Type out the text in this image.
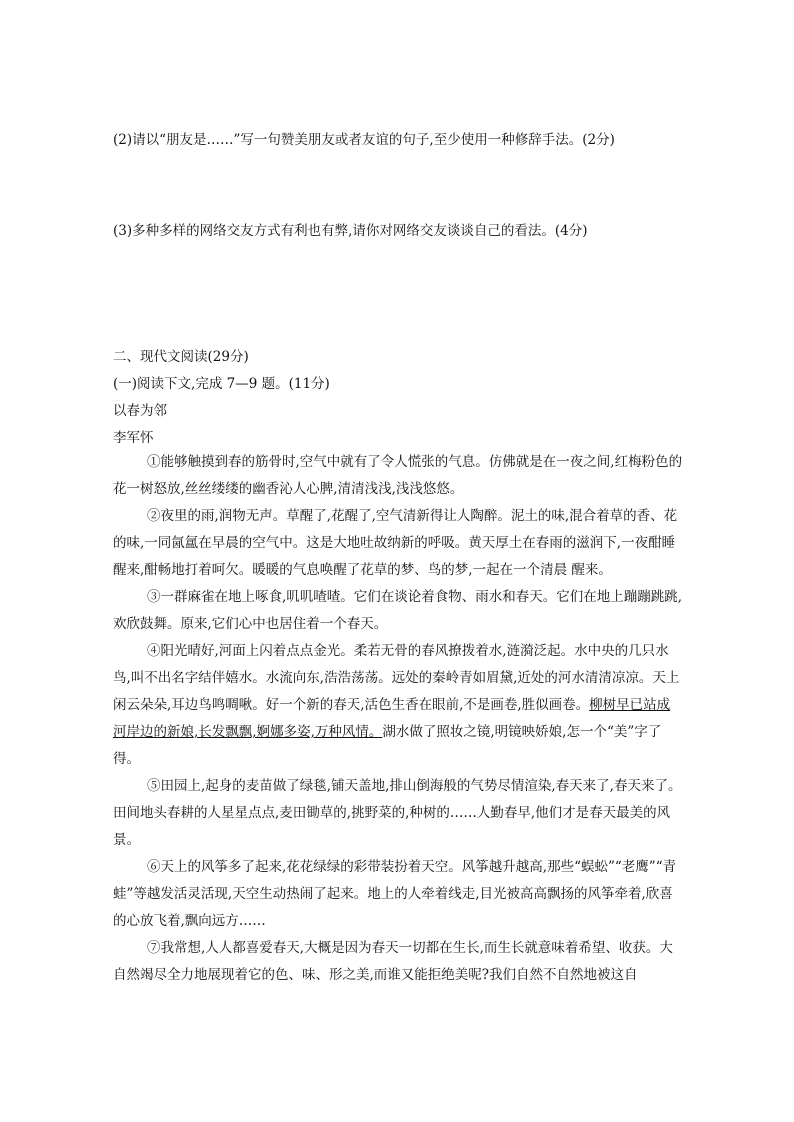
(2)请以“朋友是……”写一句赞美朋友或者友谊的句子,至少使用一种修辞手法。(2分)
(3)多种多样的网络交友方式有利也有弊,请你对网络交友谈谈自己的看法。(4分)
二、现代文阅读(29分)
(一)阅读下文,完成 7—9 题。(11分)
以春为邻
李军怀
①能够触摸到春的筋骨时,空气中就有了令人慌张的气息。仿佛就是在一夜之间,红梅粉色的花一树怒放,丝丝缕缕的幽香沁人心脾,清清浅浅,浅浅悠悠。
②夜里的雨,润物无声。草醒了,花醒了,空气清新得让人陶醉。泥土的味,混合着草的香、花的味,一同氤氲在早晨的空气中。这是大地吐故纳新的呼吸。黄天厚土在春雨的滋润下,一夜酣睡醒来,酣畅地打着呵欠。暖暖的气息唤醒了花草的梦、鸟的梦,一起在一个清晨 醒来。
③一群麻雀在地上啄食,叽叽喳喳。它们在谈论着食物、雨水和春天。它们在地上蹦蹦跳跳,欢欣鼓舞。原来,它们心中也居住着一个春天。
④阳光晴好,河面上闪着点点金光。柔若无骨的春风撩拨着水,涟漪泛起。水中央的几只水鸟,叫不出名字结伴嬉水。水流向东,浩浩荡荡。远处的秦岭青如眉黛,近处的河水清清凉凉。天上闲云朵朵,耳边鸟鸣啁啾。好一个新的春天,活色生香在眼前,不是画卷,胜似画卷。柳树早已站成河岸边的新娘,长发飘飘,婀娜多姿,万种风情。湖水做了照妆之镜,明镜映娇娘,怎一个“美”字了得。
⑤田园上,起身的麦苗做了绿毯,铺天盖地,排山倒海般的气势尽情渲染,春天来了,春天来了。田间地头春耕的人星星点点,麦田锄草的,挑野菜的,种树的……人勤春早,他们才是春天最美的风景。
⑥天上的风筝多了起来,花花绿绿的彩带装扮着天空。风筝越升越高,那些“蜈蚣”“老鹰”“青蛙”等越发活灵活现,天空生动热闹了起来。地上的人牵着线走,目光被高高飘扬的风筝牵着,欣喜的心放飞着,飘向远方……
⑦我常想,人人都喜爱春天,大概是因为春天一切都在生长,而生长就意味着希望、收获。大自然竭尽全力地展现着它的色、味、形之美,而谁又能拒绝美呢?我们自然不自然地被这自
